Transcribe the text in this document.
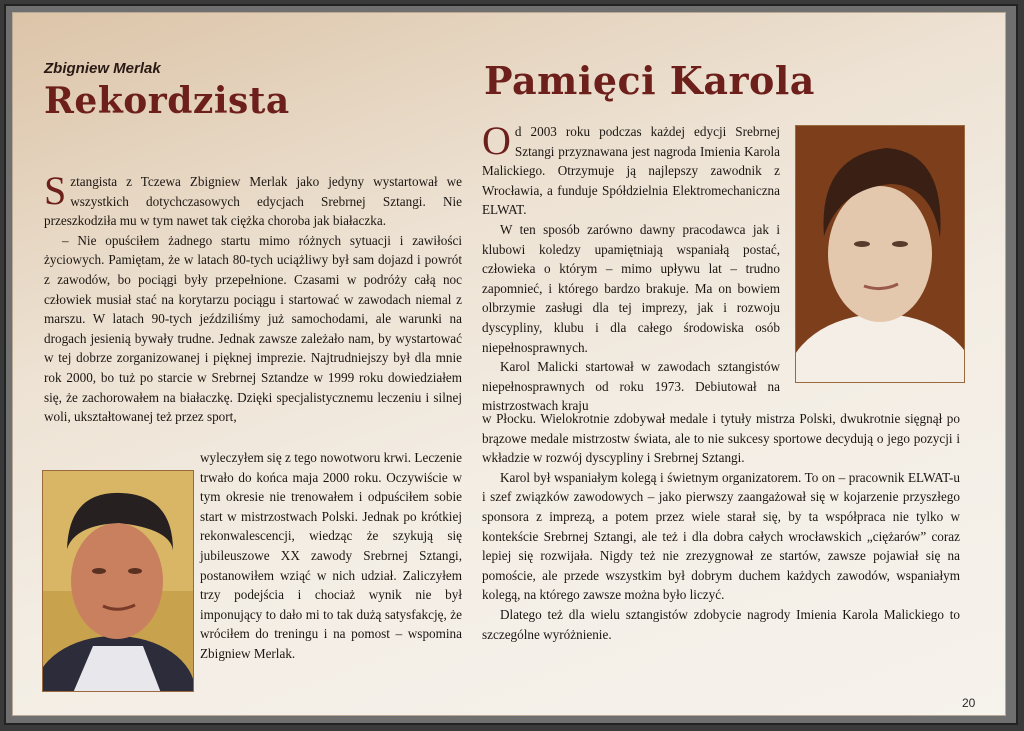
Zbigniew Merlak

Rekordzista

Sztangista z Tczewa Zbigniew Merlak jako jedyny wystartował we wszystkich dotychczasowych edycjach Srebrnej Sztangi. Nie przeszkodziła mu w tym nawet tak ciężka choroba jak białaczka.

– Nie opuściłem żadnego startu mimo różnych sytuacji i zawiłości życiowych. Pamiętam, że w latach 80-tych uciążliwy był sam dojazd i powrót z zawodów, bo pociągi były przepełnione. Czasami w podróży całą noc człowiek musiał stać na korytarzu pociągu i startować w zawodach niemal z marszu. W latach 90-tych jeździliśmy już samochodami, ale warunki na drogach jesienią bywały trudne. Jednak zawsze zależało nam, by wystartować w tej dobrze zorganizowanej i pięknej imprezie. Najtrudniejszy był dla mnie rok 2000, bo tuż po starcie w Srebrnej Sztandze w 1999 roku dowiedziałem się, że zachorowałem na białaczkę. Dzięki specjalistycznemu leczeniu i silnej woli, ukształtowanej też przez sport,

wyleczyłem się z tego nowotworu krwi. Leczenie trwało do końca maja 2000 roku. Oczywiście w tym okresie nie trenowałem i odpuściłem sobie start w mistrzostwach Polski. Jednak po krótkiej rekonwalescencji, wiedząc że szykują się jubileuszowe XX zawody Srebrnej Sztangi, postanowiłem wziąć w nich udział. Zaliczyłem trzy podejścia i chociaż wynik nie był imponujący to dało mi to tak dużą satysfakcję, że wróciłem do treningu i na pomost – wspomina Zbigniew Merlak.

Pamięci Karola

Od 2003 roku podczas każdej edycji Srebrnej Sztangi przyznawana jest nagroda Imienia Karola Malickiego. Otrzymuje ją najlepszy zawodnik z Wrocławia, a funduje Spółdzielnia Elektromechaniczna ELWAT.

W ten sposób zarówno dawny pracodawca jak i klubowi koledzy upamiętniają wspaniałą postać, człowieka o którym – mimo upływu lat – trudno zapomnieć, i którego bardzo brakuje. Ma on bowiem olbrzymie zasługi dla tej imprezy, jak i rozwoju dyscypliny, klubu i dla całego środowiska osób niepełnosprawnych.

Karol Malicki startował w zawodach sztangistów niepełnosprawnych od roku 1973. Debiutował na mistrzostwach kraju

w Płocku. Wielokrotnie zdobywał medale i tytuły mistrza Polski, dwukrotnie sięgnął po brązowe medale mistrzostw świata, ale to nie sukcesy sportowe decydują o jego pozycji i wkładzie w rozwój dyscypliny i Srebrnej Sztangi.

Karol był wspaniałym kolegą i świetnym organizatorem. To on – pracownik ELWAT-u i szef związków zawodowych – jako pierwszy zaangażował się w kojarzenie przyszłego sponsora z imprezą, a potem przez wiele starał się, by ta współpraca nie tylko w kontekście Srebrnej Sztangi, ale też i dla dobra całych wrocławskich „ciężarów” coraz lepiej się rozwijała. Nigdy też nie zrezygnował ze startów, zawsze pojawiał się na pomoście, ale przede wszystkim był dobrym duchem każdych zawodów, wspaniałym kolegą, na którego zawsze można było liczyć.

Dlatego też dla wielu sztangistów zdobycie nagrody Imienia Karola Malickiego to szczególne wyróżnienie.

20
